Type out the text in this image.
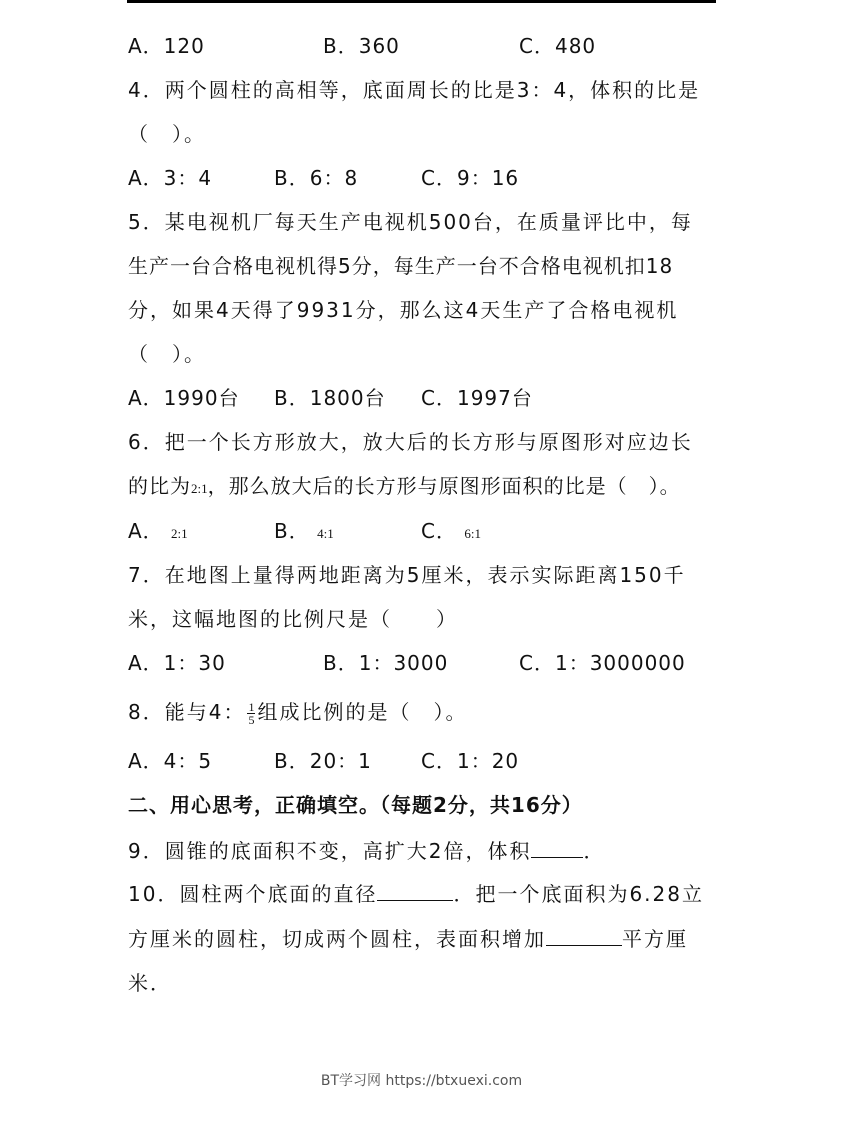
A．120	B．360	C．480
4．两个圆柱的高相等，底面周长的比是3：4，体积的比是
（　）。
A．3：4	B．6：8	C．9：16
5．某电视机厂每天生产电视机500台，在质量评比中，每
生产一台合格电视机得5分，每生产一台不合格电视机扣18
分，如果4天得了9931分，那么这4天生产了合格电视机
（　）。
A．1990台 B．1800台 C．1997台
6．把一个长方形放大，放大后的长方形与原图形对应边长
的比为2:1，那么放大后的长方形与原图形面积的比是（　）。
A． 2:1	B． 4:1	C． 6:1
7．在地图上量得两地距离为5厘米，表示实际距离150千
米，这幅地图的比例尺是（　　）
A．1：30	B．1：3000	C．1：3000000
8．能与4： $\frac{1}{5}$ 组成比例的是（　）。
A．4：5	B．20：1 C．1：20
二、用心思考，正确填空。（每题2分，共16分）
9．圆锥的底面积不变，高扩大2倍，体积	．
10．圆柱两个底面的直径	．把一个底面积为6.28立
方厘米的圆柱，切成两个圆柱，表面积增加	平方厘
米．
BT学习网 https://btxuexi.com
